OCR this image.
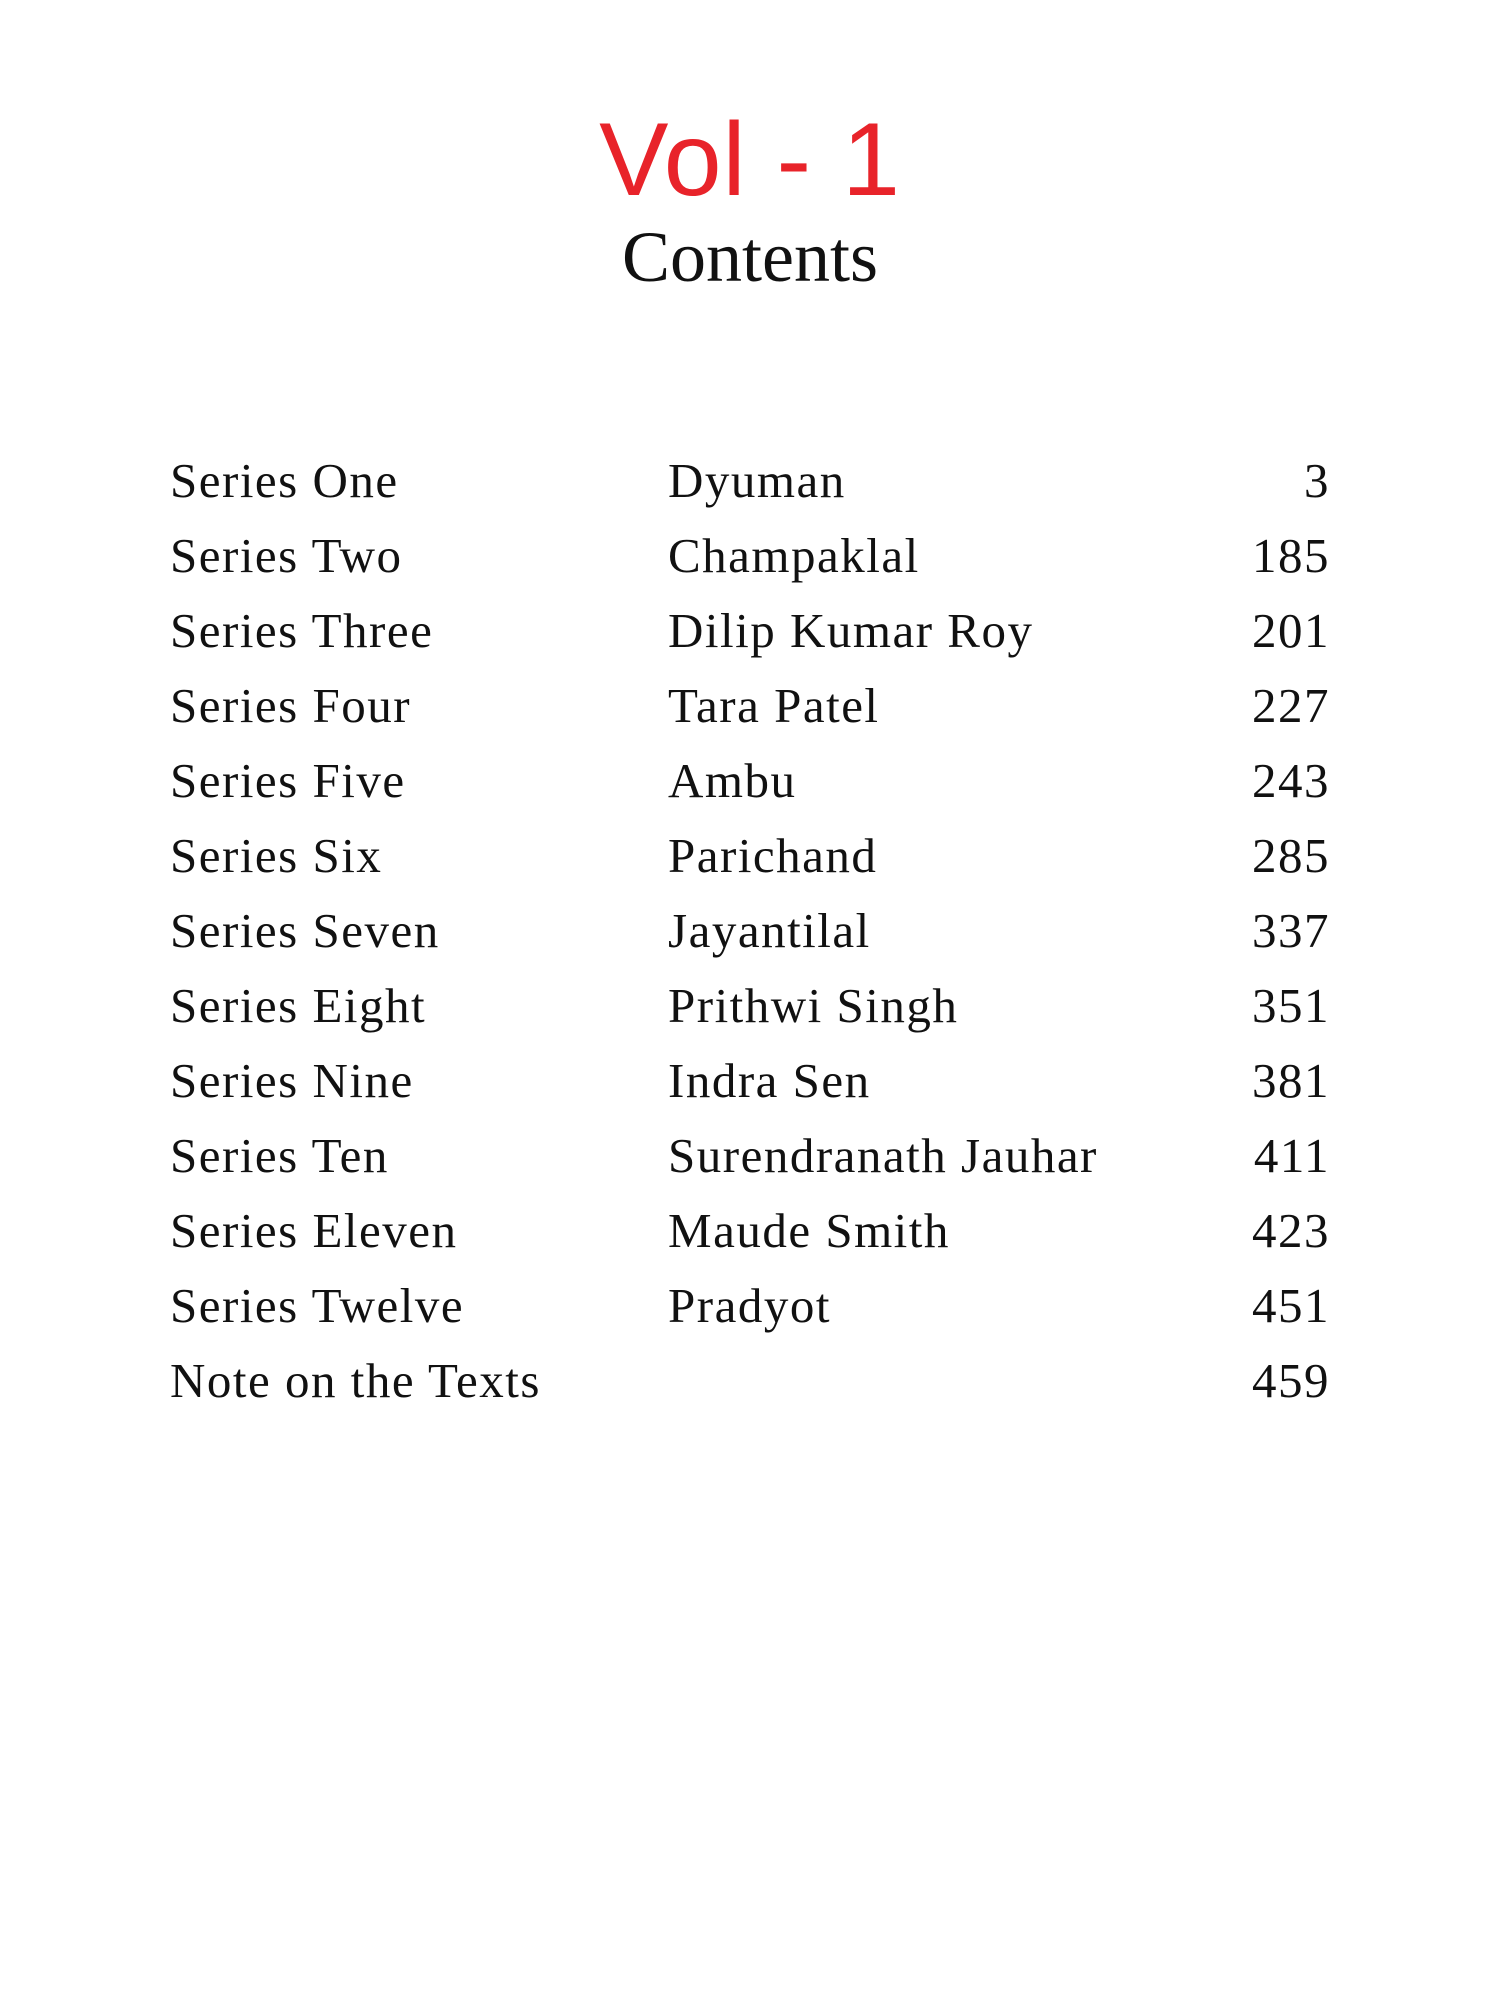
Vol - 1
Contents
Series One	Dyuman	3
Series Two	Champaklal	185
Series Three	Dilip Kumar Roy	201
Series Four	Tara Patel	227
Series Five	Ambu	243
Series Six	Parichand	285
Series Seven	Jayantilal	337
Series Eight	Prithwi Singh	351
Series Nine	Indra Sen	381
Series Ten	Surendranath Jauhar	411
Series Eleven	Maude Smith	423
Series Twelve	Pradyot	451
Note on the Texts	459
